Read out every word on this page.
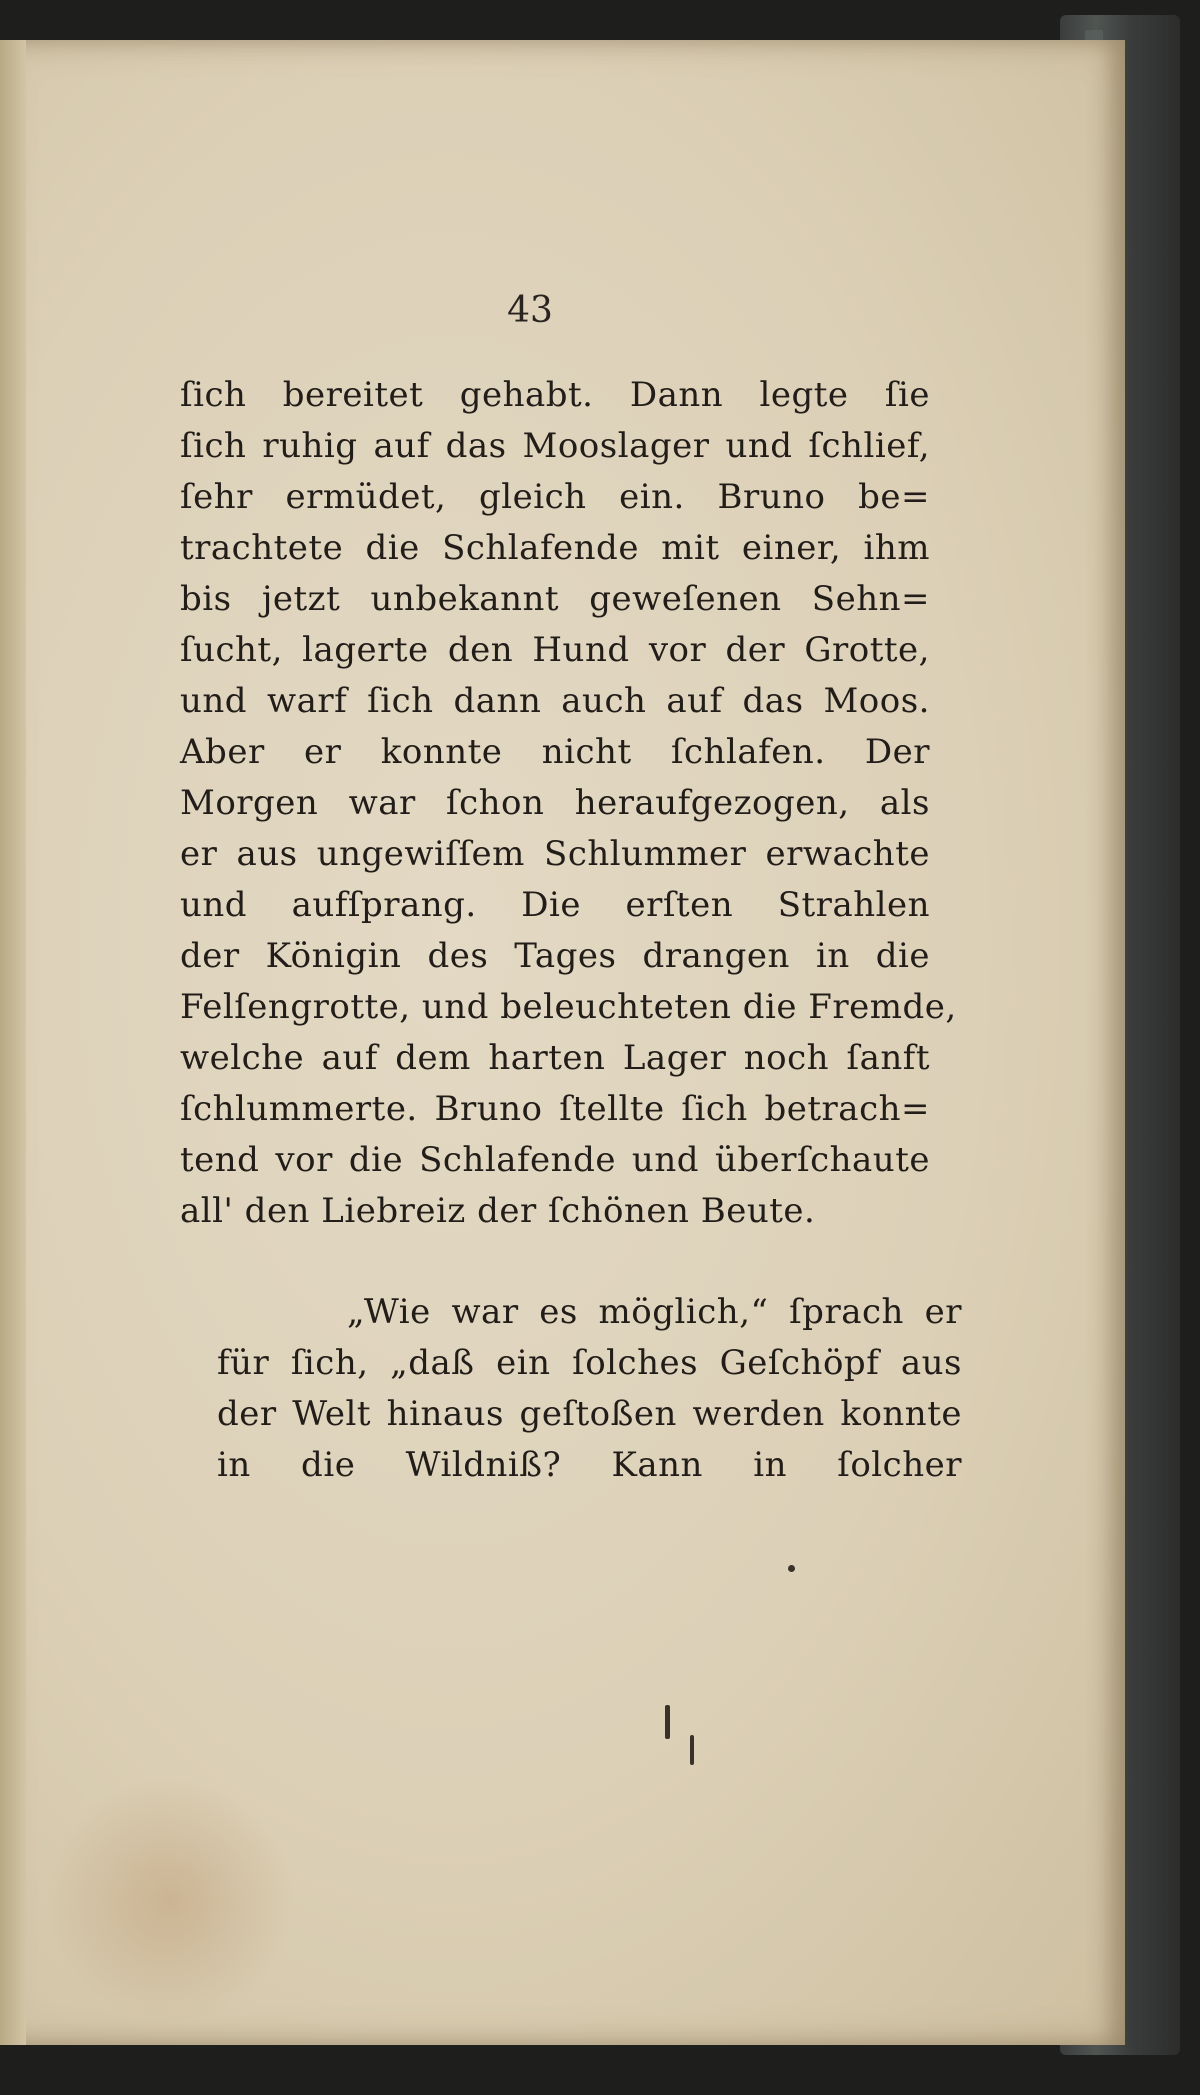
43
ſich bereitet gehabt. Dann legte ſie
ſich ruhig auf das Mooslager und ſchlief,
ſehr ermüdet, gleich ein. Bruno be=
trachtete die Schlafende mit einer, ihm
bis jetzt unbekannt geweſenen Sehn=
ſucht, lagerte den Hund vor der Grotte,
und warf ſich dann auch auf das Moos.
Aber er konnte nicht ſchlafen. Der
Morgen war ſchon heraufgezogen, als
er aus ungewiſſem Schlummer erwachte
und aufſprang. Die erſten Strahlen
der Königin des Tages drangen in die
Felſengrotte, und beleuchteten die Fremde,
welche auf dem harten Lager noch ſanft
ſchlummerte. Bruno ſtellte ſich betrach=
tend vor die Schlafende und überſchaute
all' den Liebreiz der ſchönen Beute.
„Wie war es möglich,“ ſprach er
für ſich, „daß ein ſolches Geſchöpf aus
der Welt hinaus geſtoßen werden konnte
in die Wildniß? Kann in ſolcher
